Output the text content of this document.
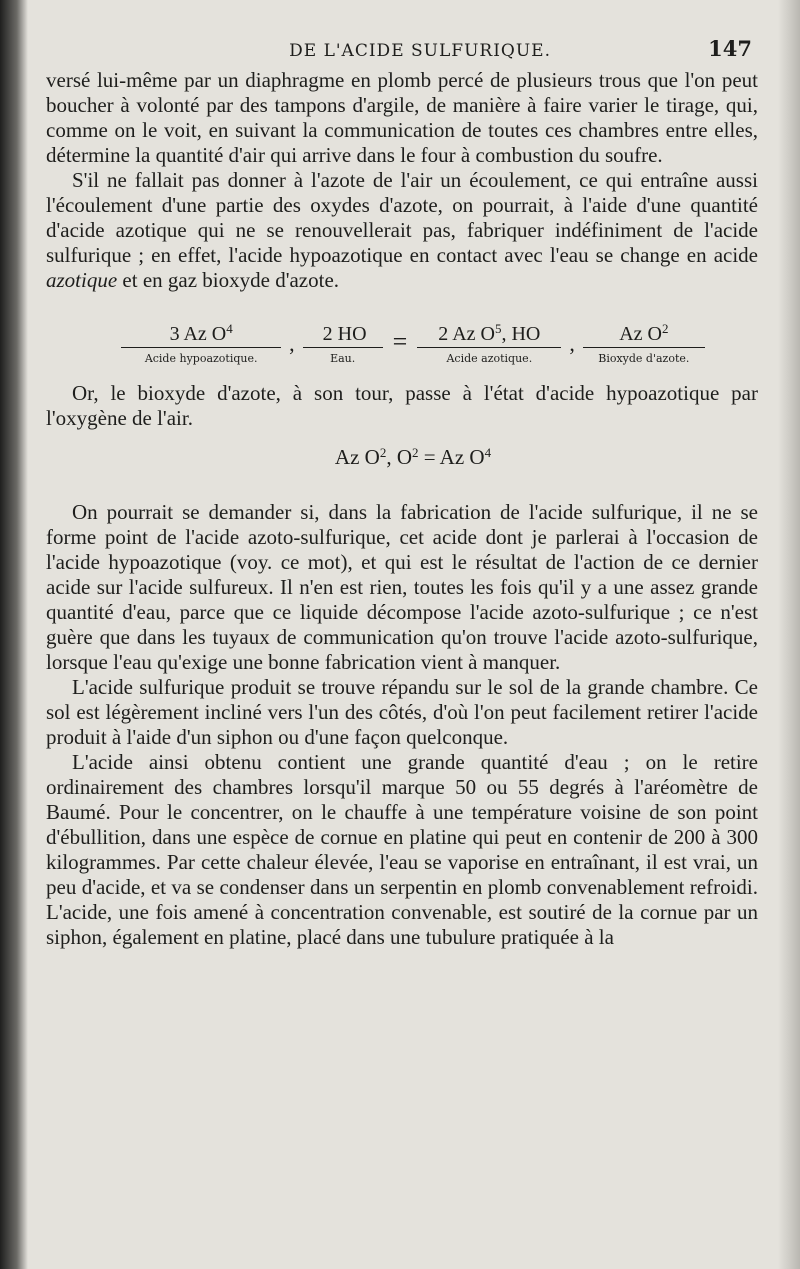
DE L'ACIDE SULFURIQUE.	147

versé lui-même par un diaphragme en plomb percé de plusieurs trous que l'on peut boucher à volonté par des tampons d'argile, de manière à faire varier le tirage, qui, comme on le voit, en suivant la communication de toutes ces chambres entre elles, détermine la quantité d'air qui arrive dans le four à combustion du soufre.

S'il ne fallait pas donner à l'azote de l'air un écoulement, ce qui entraîne aussi l'écoulement d'une partie des oxydes d'azote, on pourrait, à l'aide d'une quantité d'acide azotique qui ne se renouvellerait pas, fabriquer indéfiniment de l'acide sulfurique ; en effet, l'acide hypoazotique en contact avec l'eau se change en acide azotique et en gaz bioxyde d'azote.

$\frac{3 Az O^4}{\text{Acide hypoazotique.}}$ , $\frac{2 HO}{\text{Eau.}} = \frac{2 Az O^5, HO}{\text{Acide azotique.}}$ , $\frac{Az O^2}{\text{Bioxyde d'azote.}}$

Or, le bioxyde d'azote, à son tour, passe à l'état d'acide hypoazotique par l'oxygène de l'air.

Az $O^2$, $O^2 = Az$ $O^4$

On pourrait se demander si, dans la fabrication de l'acide sulfurique, il ne se forme point de l'acide azoto-sulfurique, cet acide dont je parlerai à l'occasion de l'acide hypoazotique (voy. ce mot), et qui est le résultat de l'action de ce dernier acide sur l'acide sulfureux. Il n'en est rien, toutes les fois qu'il y a une assez grande quantité d'eau, parce que ce liquide décompose l'acide azoto-sulfurique ; ce n'est guère que dans les tuyaux de communication qu'on trouve l'acide azoto-sulfurique, lorsque l'eau qu'exige une bonne fabrication vient à manquer.

L'acide sulfurique produit se trouve répandu sur le sol de la grande chambre. Ce sol est légèrement incliné vers l'un des côtés, d'où l'on peut facilement retirer l'acide produit à l'aide d'un siphon ou d'une façon quelconque.

L'acide ainsi obtenu contient une grande quantité d'eau ; on le retire ordinairement des chambres lorsqu'il marque 50 ou 55 degrés à l'aréomètre de Baumé. Pour le concentrer, on le chauffe à une température voisine de son point d'ébullition, dans une espèce de cornue en platine qui peut en contenir de 200 à 300 kilogrammes. Par cette chaleur élevée, l'eau se vaporise en entraînant, il est vrai, un peu d'acide, et va se condenser dans un serpentin en plomb convenablement refroidi. L'acide, une fois amené à concentration convenable, est soutiré de la cornue par un siphon, également en platine, placé dans une tubulure pratiquée à la
